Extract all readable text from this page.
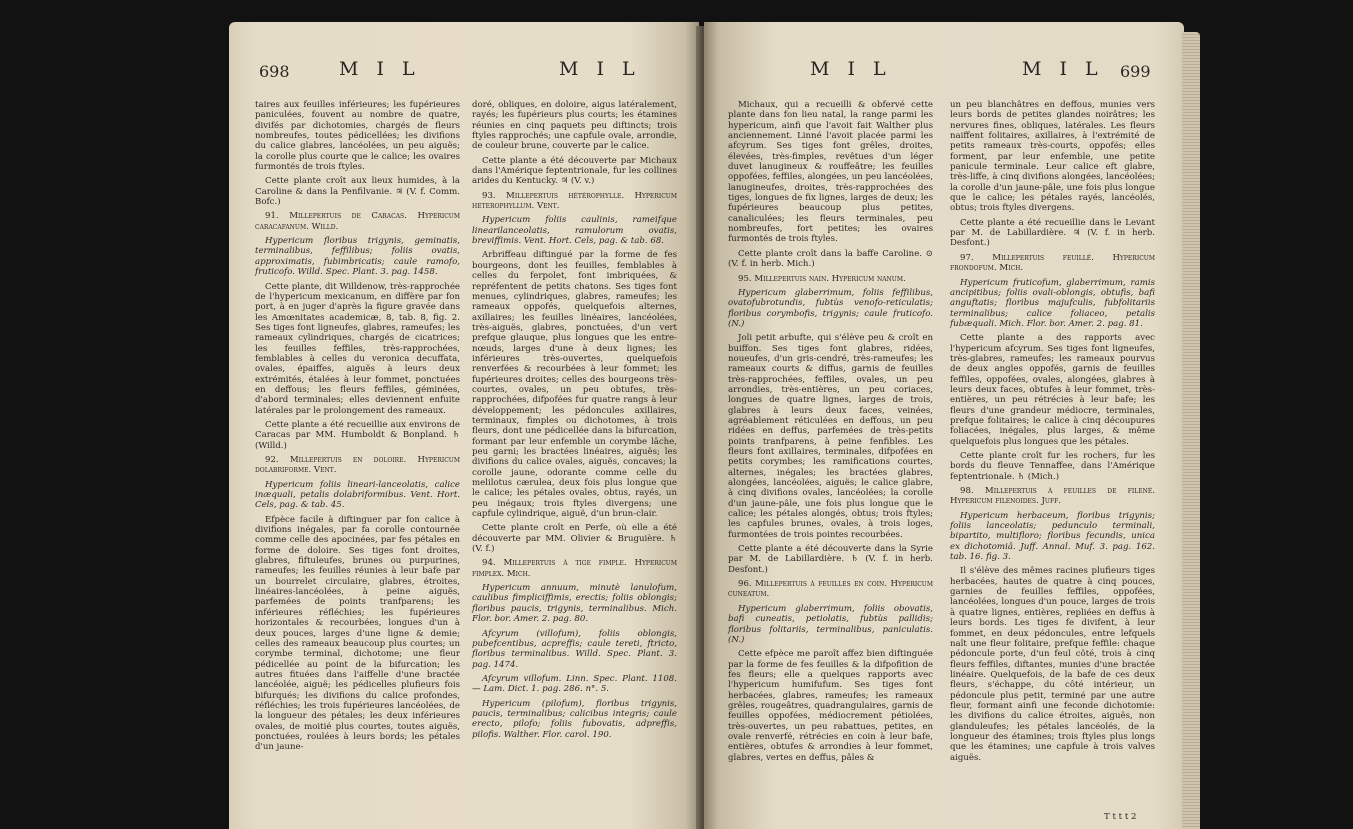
698	M I L	M I L

taires aux feuilles inférieures; les fupérieures paniculées, fouvent au nombre de quatre, divifés par dichotomies, chargés de fleurs nombreufes, toutes pédicellées; les divifions du calice glabres, lancéolées, un peu aiguës; la corolle plus courte que le calice; les ovaires furmontés de trois ftyles.

Cette plante croît aux lieux humides, à la Caroline & dans la Penfilvanie. ♃ (V. f. Comm. Bofc.)

91. Millepertuis de Caracas. Hypericum caracafanum. Willd.

Hypericum floribus trigynis, geminatis, terminalibus, feffilibus; foliis ovatis, approximatis, fubimbricatis; caule ramofo, fruticofo. Willd. Spec. Plant. 3. pag. 1458.

Cette plante, dit Willdenow, très-rapprochée de l'hypericum mexicanum, en diffère par fon port, à en juger d'après la figure gravée dans les Amœnitates academicæ, 8, tab. 8, fig. 2. Ses tiges font ligneufes, glabres, rameufes; les rameaux cylindriques, chargés de cicatrices; les feuilles feffiles, très-rapprochées, femblables à celles du veronica decuffata, ovales, épaiffes, aiguës à leurs deux extrémités, étalées à leur fommet, ponctuées en deffous; les fleurs feffiles, géminées, d'abord terminales; elles deviennent enfuite latérales par le prolongement des rameaux.

Cette plante a été recueillie aux environs de Caracas par MM. Humboldt & Bonpland. ♄ (Willd.)

92. Millepertuis en doloire. Hypericum dolabriforme. Vent.

Hypericum foliis lineari-lanceolatis, calice inæquali, petalis dolabriformibus. Vent. Hort. Cels, pag. & tab. 45.

Efpèce facile à diftinguer par fon calice à divifions inégales, par fa corolle contournée comme celle des apocinées, par fes pétales en forme de doloire. Ses tiges font droites, glabres, fiftuleufes, brunes ou purpurines, rameufes; les feuilles réunies à leur bafe par un bourrelet circulaire, glabres, étroites, linéaires-lancéolées, à peine aiguës, parfemées de points tranfparens; les inférieures réfléchies; les fupérieures horizontales & recourbées, longues d'un à deux pouces, larges d'une ligne & demie; celles des rameaux beaucoup plus courtes; un corymbe terminal, dichotome; une fleur pédicellée au point de la bifurcation; les autres fituées dans l'aiffelle d'une bractée lancéolée, aiguë; les pédicelles plufieurs fois bifurqués; les divifions du calice profondes, réfléchies; les trois fupérieures lancéolées, de la longueur des pétales; les deux inférieures ovales, de moitié plus courtes, toutes aiguës, ponctuées, roulées à leurs bords; les pétales d'un jaune-

doré, obliques, en doloire, aigus latéralement, rayés; les fupérieurs plus courts; les étamines réunies en cinq paquets peu diftincts; trois ftyles rapprochés; une capfule ovale, arrondie, de couleur brune, couverte par le calice.

Cette plante a été découverte par Michaux dans l'Amérique feptentrionale, fur les collines arides du Kentucky. ♃ (V. v.)

93. Millepertuis hétérophylle. Hypericum heterophyllum. Vent.

Hypericum foliis caulinis, rameifque linearilanceolatis, ramulorum ovatis, breviffimis. Vent. Hort. Cels, pag. & tab. 68.

Arbriffeau diftingué par la forme de fes bourgeons, dont les feuilles, femblables à celles du ferpolet, font imbriquées, & repréfentent de petits chatons. Ses tiges font menues, cylindriques, glabres, rameufes; les rameaux oppofés, quelquefois alternes, axillaires; les feuilles linéaires, lancéolées, très-aiguës, glabres, ponctuées, d'un vert prefque glauque, plus longues que les entre-nœuds, larges d'une à deux lignes; les inférieures très-ouvertes, quelquefois renverfées & recourbées à leur fommet; les fupérieures droites; celles des bourgeons très-courtes, ovales, un peu obtufes, très-rapprochées, difpofées fur quatre rangs à leur développement; les pédoncules axillaires, terminaux, fimples ou dichotomes, à trois fleurs, dont une pédicellée dans la bifurcation, formant par leur enfemble un corymbe lâche, peu garni; les bractées linéaires, aiguës; les divifions du calice ovales, aiguës, concaves; la corolle jaune, odorante comme celle du melilotus cærulea, deux fois plus longue que le calice; les pétales ovales, obtus, rayés, un peu inégaux; trois ftyles divergens; une capfule cylindrique, aiguë, d'un brun-clair.

Cette plante croît en Perfe, où elle a été découverte par MM. Olivier & Bruguière. ♄ (V. f.)

94. Millepertuis à tige fimple. Hypericum fimplex. Mich.

Hypericum annuum, minutè lanulofum, caulibus fimpliciffimis, erectis; foliis oblongis; floribus paucis, trigynis, terminalibus. Mich. Flor. bor. Amer. 2. pag. 80.

Afcyrum (villofum), foliis oblongis, pubefcentibus, acpreffis; caule tereti, ftricto, floribus terminalibus. Willd. Spec. Plant. 3. pag. 1474.

Afcyrum villofum. Linn. Spec. Plant. 1108. — Lam. Dict. 1. pag. 286. n°. 5.

Hypericum (pilofum), floribus trigynis, paucis, terminalibus; calicibus integris; caule erecto, pilofo; foliis fubovatis, adpreffis, pilofis. Walther. Flor. carol. 190.

M I L	M I L 699

Michaux, qui a recueilli & obfervé cette plante dans fon lieu natal, la range parmi les hypericum, ainfi que l'avoit fait Walther plus anciennement. Linné l'avoit placée parmi les afcyrum. Ses tiges font grêles, droites, élevées, très-fimples, revêtues d'un léger duvet lanugineux & rouffeâtre; les feuilles oppofées, feffiles, alongées, un peu lancéolées, lanugineufes, droites, très-rapprochées des tiges, longues de fix lignes, larges de deux; les fupérieures beaucoup plus petites, canaliculées; les fleurs terminales, peu nombreufes, fort petites; les ovaires furmontés de trois ftyles.

Cette plante croît dans la baffe Caroline. ⊙ (V. f. in herb. Mich.)

95. Millepertuis nain. Hypericum nanum.

Hypericum glaberrimum, foliis feffilibus, ovatofubrotundis, fubtùs venofo-reticulatis; floribus corymbofis, trigynis; caule fruticofo. (N.)

Joli petit arbufte, qui s'élève peu & croît en buiffon. Ses tiges font glabres, ridées, noueufes, d'un gris-cendré, très-rameufes; les rameaux courts & diffus, garnis de feuilles très-rapprochées, feffiles, ovales, un peu arrondies, très-entières, un peu coriaces, longues de quatre lignes, larges de trois, glabres à leurs deux faces, veinées, agréablement réticulées en deffous, un peu ridées en deffus, parfemées de très-petits points tranfparens, à peine fenfibles. Les fleurs font axillaires, terminales, difpofées en petits corymbes; les ramifications courtes, alternes, inégales; les bractées glabres, alongées, lancéolées, aiguës; le calice glabre, à cinq divifions ovales, lancéolées; la corolle d'un jaune-pâle, une fois plus longue que le calice; les pétales alongés, obtus; trois ftyles; les capfules brunes, ovales, à trois loges, furmontées de trois pointes recourbées.

Cette plante a été découverte dans la Syrie par M. de Labillardière. ♄ (V. f. in herb. Desfont.)

96. Millepertuis à feuilles en coin. Hypericum cuneatum.

Hypericum glaberrimum, foliis obovatis, bafi cuneatis, petiolatis, fubtùs pallidis; floribus folitariis, terminalibus, paniculatis. (N.)

Cette efpèce me paroît affez bien diftinguée par la forme de fes feuilles & la difpofition de fes fleurs; elle a quelques rapports avec l'hypericum humifufum. Ses tiges font herbacées, glabres, rameufes; les rameaux grêles, rougeâtres, quadrangulaires, garnis de feuilles oppofées, médiocrement pétiolées, très-ouvertes, un peu rabattues, petites, en ovale renverfé, rétrécies en coin à leur bafe, entières, obtufes & arrondies à leur fommet, glabres, vertes en deffus, pâles &

un peu blanchâtres en deffous, munies vers leurs bords de petites glandes noirâtres; les nervures fines, obliques, latérales. Les fleurs naiffent folitaires, axillaires, à l'extrémité de petits rameaux très-courts, oppofés; elles forment, par leur enfemble, une petite panicule terminale. Leur calice eft glabre, très-liffe, à cinq divifions alongées, lancéolées; la corolle d'un jaune-pâle, une fois plus longue que le calice; les pétales rayés, lancéolés, obtus; trois ftyles divergens.

Cette plante a été recueillie dans le Levant par M. de Labillardière. ♃ (V. f. in herb. Desfont.)

97. Millepertuis feuillé. Hypericum frondofum. Mich.

Hypericum fruticofum, glaberrimum, ramis ancipitibus; foliis ovali-oblongis, obtufis, bafi anguftatis; floribus majufculis, fubfolitariis terminalibus; calice foliaceo, petalis fubæquali. Mich. Flor. bor. Amer. 2. pag. 81.

Cette plante a des rapports avec l'hypericum afcyrum. Ses tiges font ligneufes, très-glabres, rameufes; les rameaux pourvus de deux angles oppofés, garnis de feuilles feffiles, oppofées, ovales, alongées, glabres à leurs deux faces, obtufes à leur fommet, très-entières, un peu rétrécies à leur bafe; les fleurs d'une grandeur médiocre, terminales, prefque folitaires; le calice à cinq découpures foliacées, inégales, plus larges, & même quelquefois plus longues que les pétales.

Cette plante croît fur les rochers, fur les bords du fleuve Tennaffee, dans l'Amérique feptentrionale. ♄ (Mich.)

98. Millepertuis à feuilles de filené. Hypericum filenoides. Juff.

Hypericum herbaceum, floribus trigynis; foliis lanceolatis; pedunculo terminali, bipartito, multifloro; floribus fecundis, unica ex dichotomiâ. Juff. Annal. Muf. 3. pag. 162. tab. 16. fig. 3.

Il s'élève des mêmes racines plufieurs tiges herbacées, hautes de quatre à cinq pouces, garnies de feuilles feffiles, oppofées, lancéolées, longues d'un pouce, larges de trois à quatre lignes, entières, repliées en deffus à leurs bords. Les tiges fe divifent, à leur fommet, en deux pédoncules, entre lefquels naît une fleur folitaire, prefque feffile: chaque pédoncule porte, d'un feul côté, trois à cinq fleurs feffiles, diftantes, munies d'une bractée linéaire. Quelquefois, de la bafe de ces deux fleurs, s'échappe, du côté intérieur, un pédoncule plus petit, terminé par une autre fleur, formant ainfi une feconde dichotomie: les divifions du calice étroites, aiguës, non glanduleufes; les pétales lancéolés, de la longueur des étamines; trois ftyles plus longs que les étamines; une capfule à trois valves aiguës.

T t t t 2
